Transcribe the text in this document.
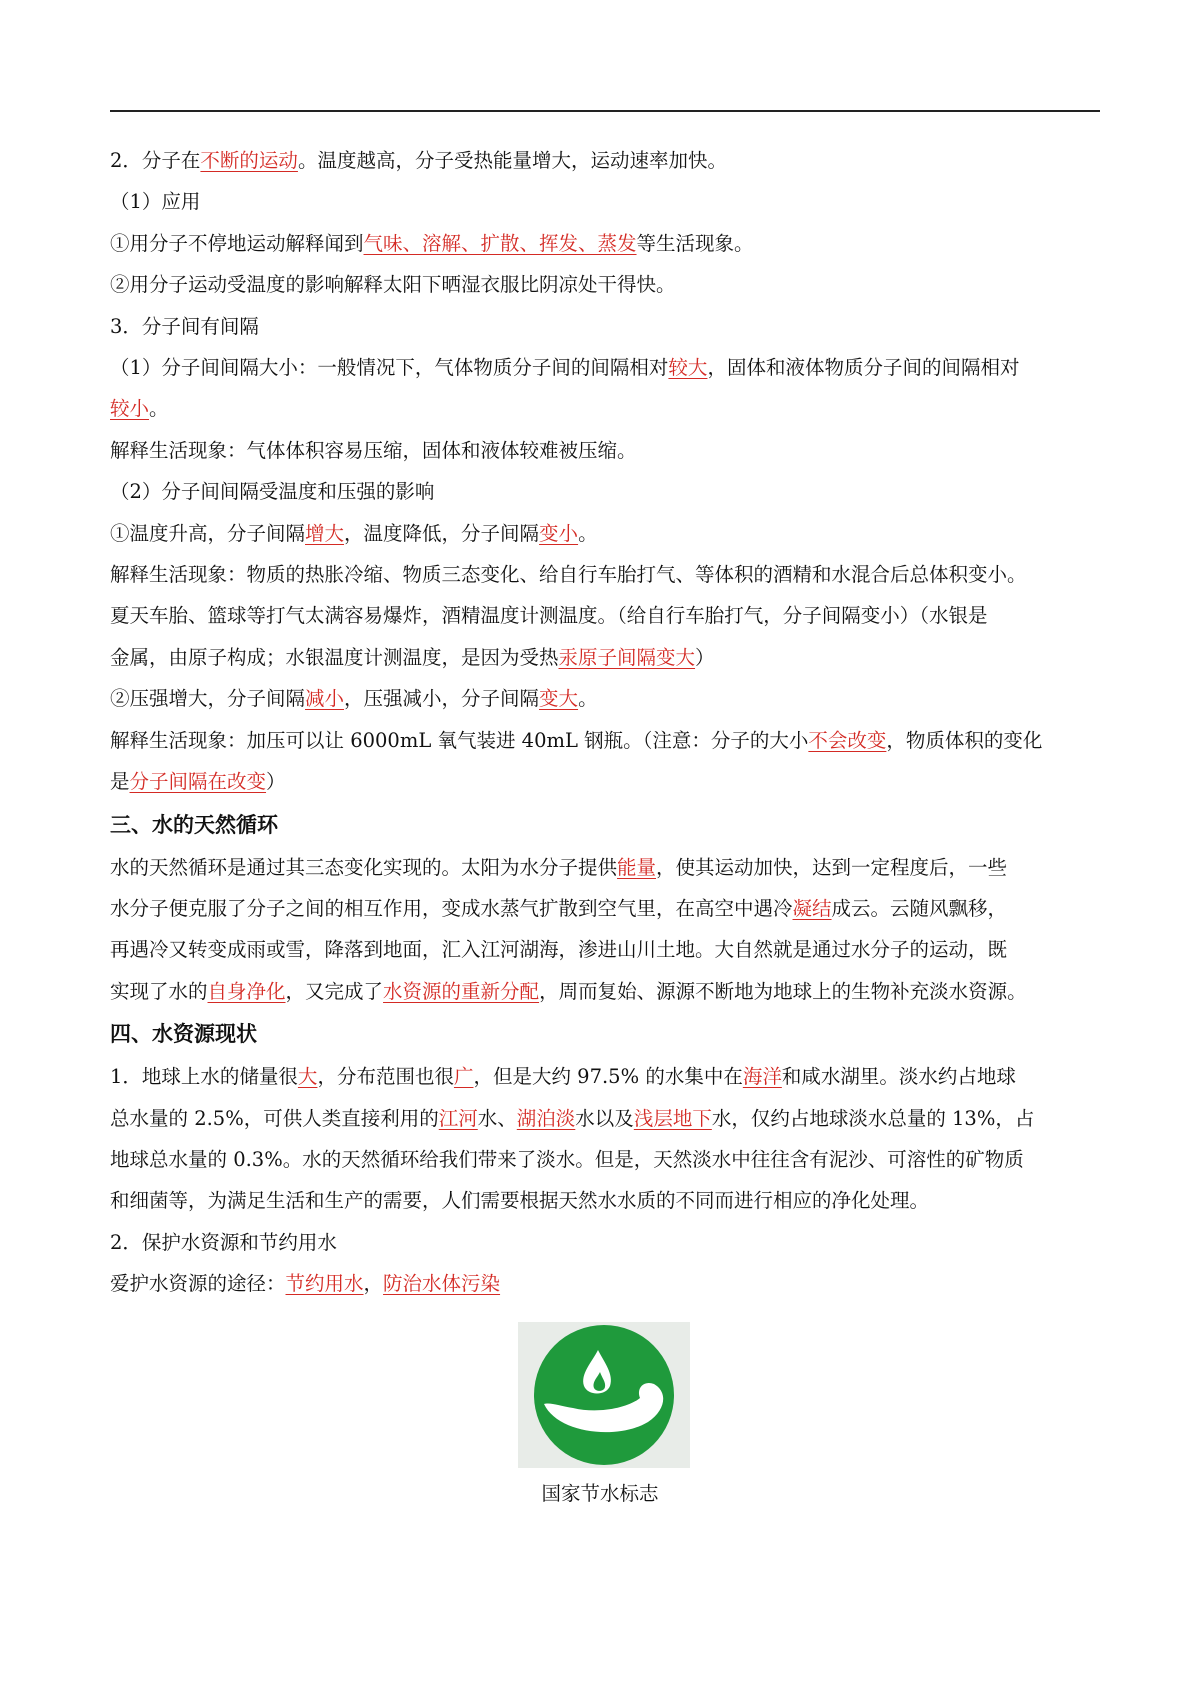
2．分子在不断的运动。温度越高，分子受热能量增大，运动速率加快。
（1）应用
①用分子不停地运动解释闻到气味、溶解、扩散、挥发、蒸发等生活现象。
②用分子运动受温度的影响解释太阳下晒湿衣服比阴凉处干得快。
3．分子间有间隔
（1）分子间间隔大小：一般情况下，气体物质分子间的间隔相对较大，固体和液体物质分子间的间隔相对
较小。
解释生活现象：气体体积容易压缩，固体和液体较难被压缩。
（2）分子间间隔受温度和压强的影响
①温度升高，分子间隔增大，温度降低，分子间隔变小。
解释生活现象：物质的热胀冷缩、物质三态变化、给自行车胎打气、等体积的酒精和水混合后总体积变小。
夏天车胎、篮球等打气太满容易爆炸，酒精温度计测温度。（给自行车胎打气，分子间隔变小）（水银是
金属，由原子构成；水银温度计测温度，是因为受热汞原子间隔变大）
②压强增大，分子间隔减小，压强减小，分子间隔变大。
解释生活现象：加压可以让 6000mL 氧气装进 40mL 钢瓶。（注意：分子的大小不会改变，物质体积的变化
是分子间隔在改变）
三、水的天然循环
水的天然循环是通过其三态变化实现的。太阳为水分子提供能量，使其运动加快，达到一定程度后，一些
水分子便克服了分子之间的相互作用，变成水蒸气扩散到空气里，在高空中遇冷凝结成云。云随风飘移，
再遇冷又转变成雨或雪，降落到地面，汇入江河湖海，渗进山川土地。大自然就是通过水分子的运动，既
实现了水的自身净化，又完成了水资源的重新分配，周而复始、源源不断地为地球上的生物补充淡水资源。
四、水资源现状
1．地球上水的储量很大，分布范围也很广，但是大约 97.5% 的水集中在海洋和咸水湖里。淡水约占地球
总水量的 2.5%，可供人类直接利用的江河水、湖泊淡水以及浅层地下水，仅约占地球淡水总量的 13%，占
地球总水量的 0.3%。水的天然循环给我们带来了淡水。但是，天然淡水中往往含有泥沙、可溶性的矿物质
和细菌等，为满足生活和生产的需要，人们需要根据天然水水质的不同而进行相应的净化处理。
2．保护水资源和节约用水
爱护水资源的途径：节约用水，防治水体污染
国家节水标志
